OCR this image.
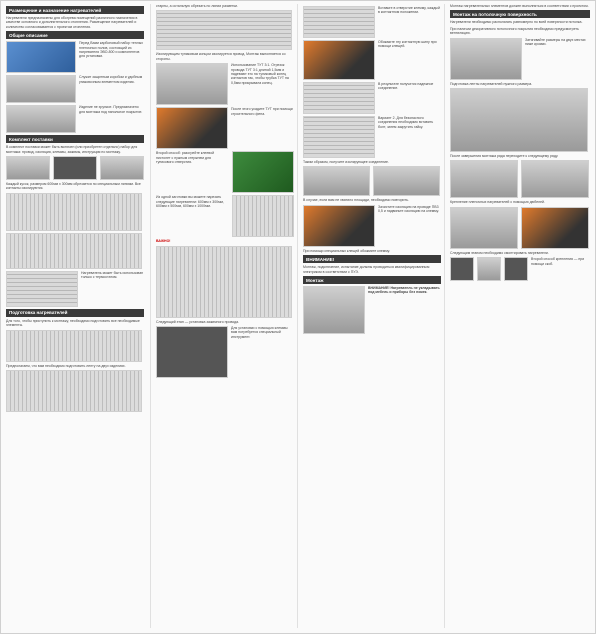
Размещение и назначение нагревателей
Нагреватели предназначены для обогрева помещений различного назначения в качестве основного и дополнительного отопления. Размещение нагревателей и количество согласовывается с проектом отопления.
Общие описание
Перед Вами карбоновый набор теплых пленочных полов, состоящий из нагревателя ЭВО-800 и компонентов для установки.
Служит защитным коробом и удобным упаковочным элементом изделия.
Изделие не хрупкое. Предназначено для монтажа под напольное покрытие.
Комплект поставки
В комплект поставки может быть включен (или приобретен отдельно) набор для монтажа: провод, изоляция, клеммы, зажимы, инструкция по монтажу.
Каждый кусок, размером 600мм х 300мм обрезается по специальным линиям. Все контакты изолируются.
Нагреватель может быть использован только с термостатом.
Подготовка нагревателей
Для того, чтобы приступить к монтажу, необходимо подготовить все необходимые элементы.
Предполагаем, что вам необходимо подготовить ленту на двух изделиях.
старны, а остальную обрезать по линии разметки.
Изолирующим тупиковым концом изолируется провод. Монтаж выполняется со стороны.
Использование ТУТ 3:1. Отрезок провода ТУТ 3:1 длиной 1,5мм и надевают его на тупиковый конец контактов так, чтобы трубка ТУТ на 0,5мм прикрывала конец.
После этого усадите ТУТ при помощи строительного фена.
Второй способ: разогрейте клеевой пистолет с нужным стержнем для тупикового отверстия.
Из одной заготовки вы можете нарезать следующие нагреватели: 600мм х 300мм, 600мм х 500мм, 600мм х 1000мм.
ВАЖНО!
Следующий этап — установка зажимного провода.
Для установки с помощью клеммы вам потребуется специальный инструмент.
Вставьте в отверстие клемму, каждый в контактном положении.
Обожмите эту контактную шину при помощи клещей.
В результате получится надежное соединение.
Вариант 2. Для безопасного соединения необходимо вставить болт, затем закрутить гайку.
Таким образом, получите изолирующее соединение.
В случае, если вам не хватило площади, необходимо повторить.
Зачистите изоляцию на проводе ПВ3 0,5 и надвиньте изоляцию на клемму.
При помощи специальных клещей обожмите клемму.
ВНИМАНИЕ!
Монтаж, подключение, испытание должны проводиться квалифицированным электриком в соответствии с ПУЭ.
Монтаж
ВНИМАНИЕ! Нагреватель не укладывать под мебель и приборы без ножек.
Монтаж нагревательных элементов должен выполняться в соответствии с проектом.
Монтаж на потолочную поверхность
Нагреватели необходимо располагать равномерно по всей поверхности потолка.
При наличии декоративного потолочного покрытия необходимо предусмотреть вентиляцию.
Затягивайте размеры на двух местах ниже кромки.
Подготовка ленты нагревателей нужного размера.
После завершения монтажа ряда переходите к следующему ряду.
Крепление пленочных нагревателей с помощью дюбелей.
Следующим этапом необходимо смонтировать нагреватели.
Второй способ крепления — при помощи скоб.
